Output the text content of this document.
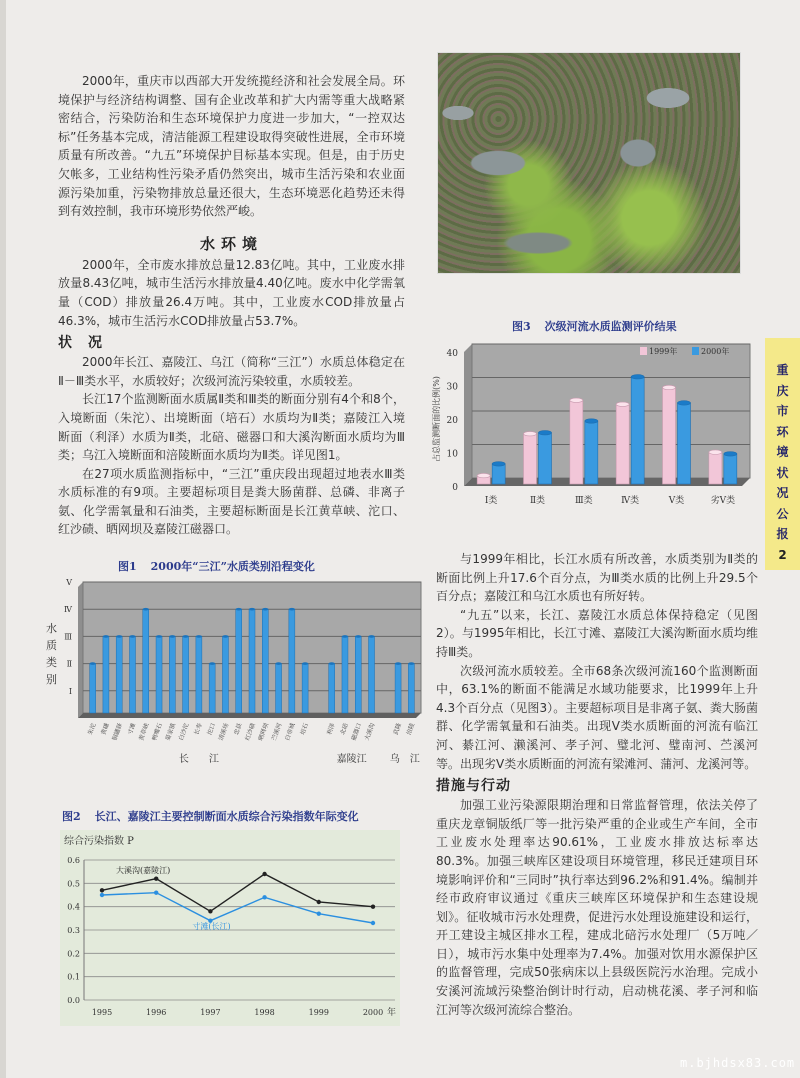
2000年，重庆市以西部大开发统揽经济和社会发展全局。环境保护与经济结构调整、国有企业改革和扩大内需等重大战略紧密结合，污染防治和生态环境保护力度进一步加大，“一控双达标”任务基本完成，清洁能源工程建设取得突破性进展，全市环境质量有所改善。“九五”环境保护目标基本实现。但是，由于历史欠帐多，工业结构性污染矛盾仍然突出，城市生活污染和农业面源污染加重，污染物排放总量还很大，生态环境恶化趋势还未得到有效控制，我市环境形势依然严峻。

水环境

2000年，全市废水排放总量12.83亿吨。其中，工业废水排放量8.43亿吨，城市生活污水排放量4.40亿吨。废水中化学需氧量（COD）排放量26.4万吨。其中，工业废水COD排放量占46.3%，城市生活污水COD排放量占53.7%。

状　况

2000年长江、嘉陵江、乌江（简称“三江”）水质总体稳定在Ⅱ－Ⅲ类水平，水质较好；次级河流污染较重，水质较差。

长江17个监测断面水质属Ⅱ类和Ⅲ类的断面分别有4个和8个，入境断面（朱沱）、出境断面（培石）水质均为Ⅱ类；嘉陵江入境断面（利泽）水质为Ⅱ类，北碚、磁器口和大溪沟断面水质均为Ⅲ类；乌江入境断面和涪陵断面水质均为Ⅱ类。详见图1。

在27项水质监测指标中，“三江”重庆段出现超过地表水Ⅲ类水质标准的有9项。主要超标项目是粪大肠菌群、总磷、非离子氨、化学需氧量和石油类，主要超标断面是长江黄草峡、沱口、红沙碛、晒网坝及嘉陵江磁器口。

图3 次级河流水质监测评价结果
0
10
20
30
40
占总监测断面的比例(%)
Ⅰ类	Ⅱ类	Ⅲ类	Ⅳ类	Ⅴ类	劣Ⅴ类
1999年	2000年
重
庆
市
环
境
状
况
公
报
2
图1 2000年“三江”水质类别沿程变化
Ⅰ
Ⅱ
Ⅲ
Ⅳ
Ⅴ
水
质
类
别
朱沱 黄磏 铜罐驿 寸滩 黄草峡 鸭嘴石 晏家镇 白沙沱 长寿 沱口 清溪场 忠县 红沙碛 晒网坝 苎溪河 白帝城 培石	利泽 北碚 磁器口 大溪沟	武隆 涪陵
长　　江	嘉陵江 乌　江

与1999年相比，长江水质有所改善，水质类别为Ⅱ类的断面比例上升17.6个百分点，为Ⅲ类水质的比例上升29.5个百分点；嘉陵江和乌江水质也有所好转。

“九五”以来，长江、嘉陵江水质总体保持稳定（见图2）。与1995年相比，长江寸滩、嘉陵江大溪沟断面水质均维持Ⅲ类。

次级河流水质较差。全市68条次级河流160个监测断面中，63.1%的断面不能满足水域功能要求，比1999年上升4.3个百分点（见图3）。主要超标项目是非离子氨、粪大肠菌群、化学需氧量和石油类。出现Ⅴ类水质断面的河流有临江河、綦江河、濑溪河、孝子河、璧北河、璧南河、苎溪河等。出现劣Ⅴ类水质断面的河流有梁滩河、蒲河、龙溪河等。

措施与行动

加强工业污染源限期治理和日常监督管理，依法关停了重庆龙章铜版纸厂等一批污染严重的企业或生产车间，全市工业废水处理率达90.61%，工业废水排放达标率达80.3%。加强三峡库区建设项目环境管理，移民迁建项目环境影响评价和“三同时”执行率达到96.2%和91.4%。编制并经市政府审议通过《重庆三峡库区环境保护和生态建设规划》。征收城市污水处理费，促进污水处理设施建设和运行，开工建设主城区排水工程，建成北碚污水处理厂（5万吨／日），城市污水集中处理率为7.4%。加强对饮用水源保护区的监督管理，完成50张病床以上县级医院污水治理。完成小安溪河流域污染整治倒计时行动，启动桃花溪、孝子河和临江河等次级河流综合整治。

图2 长江、嘉陵江主要控制断面水质综合污染指数年际变化
综合污染指数 P
0.0
0.1
0.2
0.3
0.4
0.5
0.6
1995	1996	1997	1998	1999	2000 年
大溪沟(嘉陵江)
寸滩(长江)
m.bjhdsx83.com
